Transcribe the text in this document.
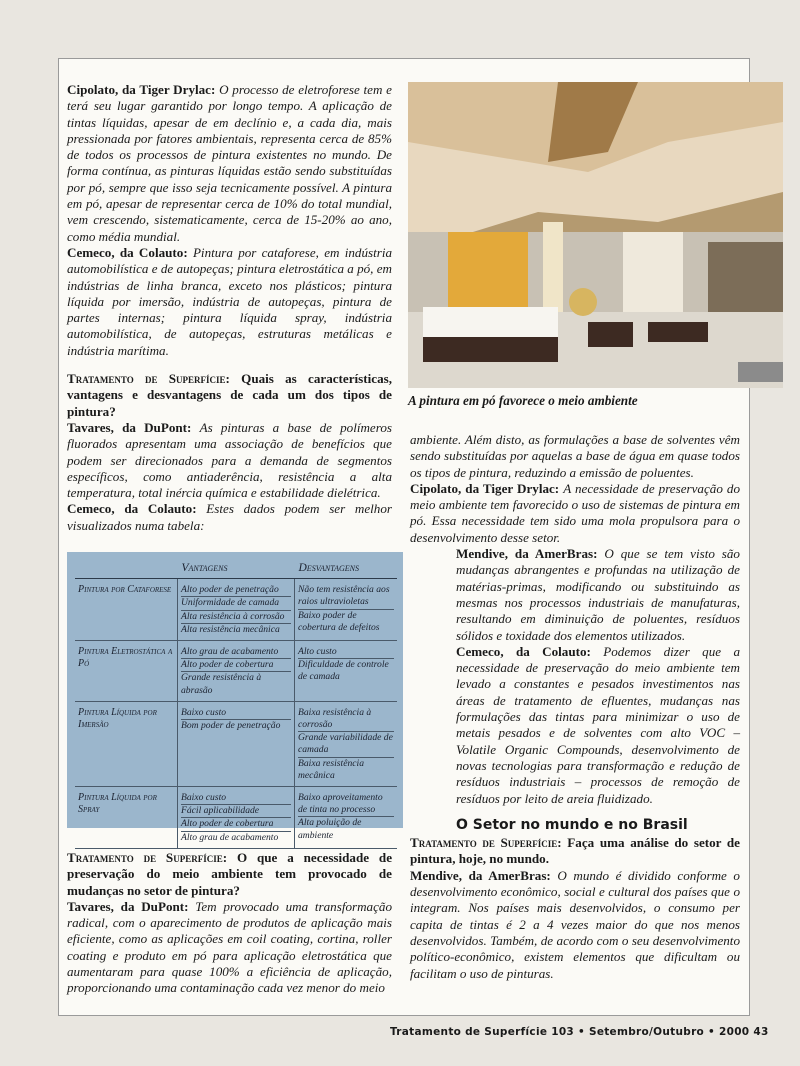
Cipolato, da Tiger Drylac: O processo de eletroforese tem e terá seu lugar garantido por longo tempo. A aplicação de tintas líquidas, apesar de em declínio e, a cada dia, mais pressionada por fatores ambientais, representa cerca de 85% de todos os processos de pintura existentes no mundo. De forma contínua, as pinturas líquidas estão sendo substituídas por pó, sempre que isso seja tecnicamente possível. A pintura em pó, apesar de representar cerca de 10% do total mundial, vem crescendo, sistematicamente, cerca de 15-20% ao ano, como média mundial.

Cemeco, da Colauto: Pintura por cataforese, em indústria automobilística e de autopeças; pintura eletrostática a pó, em indústrias de linha branca, exceto nos plásticos; pintura líquida por imersão, indústria de autopeças, pintura de partes internas; pintura líquida spray, indústria automobilística, de autopeças, estruturas metálicas e indústria marítima.

Tratamento de Superfície: Quais as características, vantagens e desvantagens de cada um dos tipos de pintura?

Tavares, da DuPont: As pinturas a base de polímeros fluorados apresentam uma associação de benefícios que podem ser direcionados para a demanda de segmentos específicos, como antiaderência, resistência a alta temperatura, total inércia química e estabilidade dielétrica.

Cemeco, da Colauto: Estes dados podem ser melhor visualizados numa tabela:

	Vantagens	Desvantagens
Pintura por Cataforese	Alto poder de penetração
Uniformidade de camada
Alta resistência à corrosão
Alta resistência mecânica	Não tem resistência aos raios ultravioletas
Baixo poder de cobertura de defeitos

Pintura Eletrostática a Pó	Alto grau de acabamento
Alto poder de cobertura
Grande resistência à abrasão	Alto custo
Dificuldade de controle de camada

Pintura Líquida por Imersão	Baixo custo
Bom poder de penetração	Baixa resistência à corrosão
Grande variabilidade de camada
Baixa resistência mecânica

Pintura Líquida por Spray	Baixo custo
Fácil aplicabilidade
Alto poder de cobertura
Alto grau de acabamento	Baixo aproveitamento de tinta no processo
Alta poluição de ambiente

Tratamento de Superfície: O que a necessidade de preservação do meio ambiente tem provocado de mudanças no setor de pintura?

Tavares, da DuPont: Tem provocado uma transformação radical, com o aparecimento de produtos de aplicação mais eficiente, como as aplicações em coil coating, cortina, roller coating e produto em pó para aplicação eletrostática que aumentaram para quase 100% a eficiência de aplicação, proporcionando uma contaminação cada vez menor do meio

A pintura em pó favorece o meio ambiente

ambiente. Além disto, as formulações a base de solventes vêm sendo substituídas por aquelas a base de água em quase todos os tipos de pintura, reduzindo a emissão de poluentes.

Cipolato, da Tiger Drylac: A necessidade de preservação do meio ambiente tem favorecido o uso de sistemas de pintura em pó. Essa necessidade tem sido uma mola propulsora para o desenvolvimento desse setor.

Mendive, da AmerBras: O que se tem visto são mudanças abrangentes e profundas na utilização de matérias-primas, modificando ou substituindo as mesmas nos processos industriais de manufaturas, resultando em diminuição de poluentes, resíduos sólidos e toxidade dos elementos utilizados.

Cemeco, da Colauto: Podemos dizer que a necessidade de preservação do meio ambiente tem levado a constantes e pesados investimentos nas áreas de tratamento de efluentes, mudanças nas formulações das tintas para minimizar o uso de metais pesados e de solventes com alto VOC – Volatile Organic Compounds, desenvolvimento de novas tecnologias para transformação e redução de resíduos industriais – processos de remoção de resíduos por leito de areia fluidizado.

O Setor no mundo e no Brasil

Tratamento de Superfície: Faça uma análise do setor de pintura, hoje, no mundo.

Mendive, da AmerBras: O mundo é dividido conforme o desenvolvimento econômico, social e cultural dos países que o integram. Nos países mais desenvolvidos, o consumo per capita de tintas é 2 a 4 vezes maior do que nos menos desenvolvidos. Também, de acordo com o seu desenvolvimento político-econômico, existem elementos que dificultam ou facilitam o uso de pinturas.

Tratamento de Superfície 103 • Setembro/Outubro • 2000 43
